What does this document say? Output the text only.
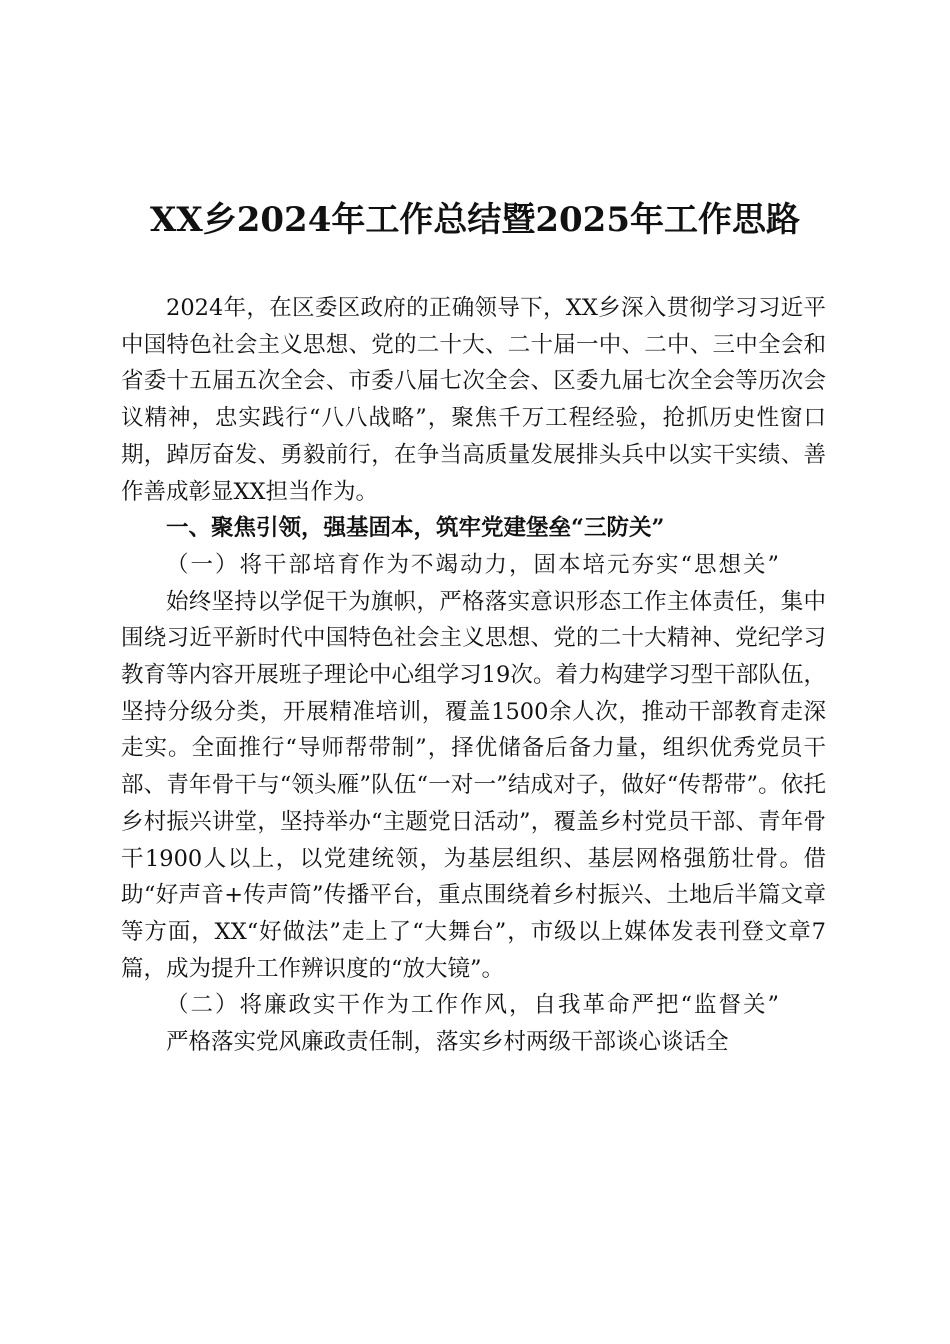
XX乡2024年工作总结暨2025年工作思路

2024年，在区委区政府的正确领导下，XX乡深入贯彻学习习近平中国特色社会主义思想、党的二十大、二十届一中、二中、三中全会和省委十五届五次全会、市委八届七次全会、区委九届七次全会等历次会议精神，忠实践行“八八战略”，聚焦千万工程经验，抢抓历史性窗口期，踔厉奋发、勇毅前行，在争当高质量发展排头兵中以实干实绩、善作善成彰显XX担当作为。

一、聚焦引领，强基固本，筑牢党建堡垒“三防关”

（一）将干部培育作为不竭动力，固本培元夯实“思想关”

始终坚持以学促干为旗帜，严格落实意识形态工作主体责任，集中围绕习近平新时代中国特色社会主义思想、党的二十大精神、党纪学习教育等内容开展班子理论中心组学习19次。着力构建学习型干部队伍，坚持分级分类，开展精准培训，覆盖1500余人次，推动干部教育走深走实。全面推行“导师帮带制”，择优储备后备力量，组织优秀党员干部、青年骨干与“领头雁”队伍“一对一”结成对子，做好“传帮带”。依托乡村振兴讲堂，坚持举办“主题党日活动”，覆盖乡村党员干部、青年骨干1900人以上，以党建统领，为基层组织、基层网格强筋壮骨。借助“好声音+传声筒”传播平台，重点围绕着乡村振兴、土地后半篇文章等方面，XX“好做法”走上了“大舞台”，市级以上媒体发表刊登文章7篇，成为提升工作辨识度的“放大镜”。

（二）将廉政实干作为工作作风，自我革命严把“监督关”

严格落实党风廉政责任制，落实乡村两级干部谈心谈话全
